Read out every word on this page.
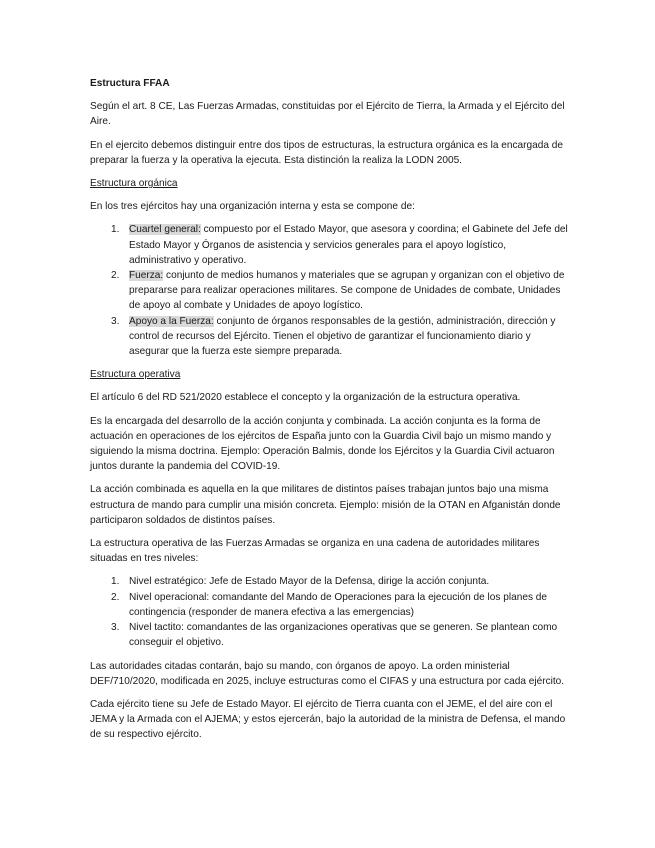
Estructura FFAA

Según el art. 8 CE, Las Fuerzas Armadas, constituidas por el Ejército de Tierra, la Armada y el Ejército del Aire.

En el ejercito debemos distinguir entre dos tipos de estructuras, la estructura orgánica es la encargada de preparar la fuerza y la operativa la ejecuta. Esta distinción la realiza la LODN 2005.

Estructura orgánica

En los tres ejércitos hay una organización interna y esta se compone de:

1. Cuartel general: compuesto por el Estado Mayor, que asesora y coordina; el Gabinete del Jefe del Estado Mayor y Órganos de asistencia y servicios generales para el apoyo logístico, administrativo y operativo.
2. Fuerza: conjunto de medios humanos y materiales que se agrupan y organizan con el objetivo de prepararse para realizar operaciones militares. Se compone de Unidades de combate, Unidades de apoyo al combate y Unidades de apoyo logístico.
3. Apoyo a la Fuerza: conjunto de órganos responsables de la gestión, administración, dirección y control de recursos del Ejército. Tienen el objetivo de garantizar el funcionamiento diario y asegurar que la fuerza este siempre preparada.

Estructura operativa

El artículo 6 del RD 521/2020 establece el concepto y la organización de la estructura operativa.

Es la encargada del desarrollo de la acción conjunta y combinada. La acción conjunta es la forma de actuación en operaciones de los ejércitos de España junto con la Guardia Civil bajo un mismo mando y siguiendo la misma doctrina. Ejemplo: Operación Balmis, donde los Ejércitos y la Guardia Civil actuaron juntos durante la pandemia del COVID-19.

La acción combinada es aquella en la que militares de distintos países trabajan juntos bajo una misma estructura de mando para cumplir una misión concreta. Ejemplo: misión de la OTAN en Afganistán donde participaron soldados de distintos países.

La estructura operativa de las Fuerzas Armadas se organiza en una cadena de autoridades militares situadas en tres niveles:

1. Nivel estratégico: Jefe de Estado Mayor de la Defensa, dirige la acción conjunta.
2. Nivel operacional: comandante del Mando de Operaciones para la ejecución de los planes de contingencia (responder de manera efectiva a las emergencias)
3. Nivel tactito: comandantes de las organizaciones operativas que se generen. Se plantean como conseguir el objetivo.

Las autoridades citadas contarán, bajo su mando, con órganos de apoyo. La orden ministerial DEF/710/2020, modificada en 2025, incluye estructuras como el CIFAS y una estructura por cada ejército.

Cada ejército tiene su Jefe de Estado Mayor. El ejército de Tierra cuanta con el JEME, el del aire con el JEMA y la Armada con el AJEMA; y estos ejercerán, bajo la autoridad de la ministra de Defensa, el mando de su respectivo ejército.
